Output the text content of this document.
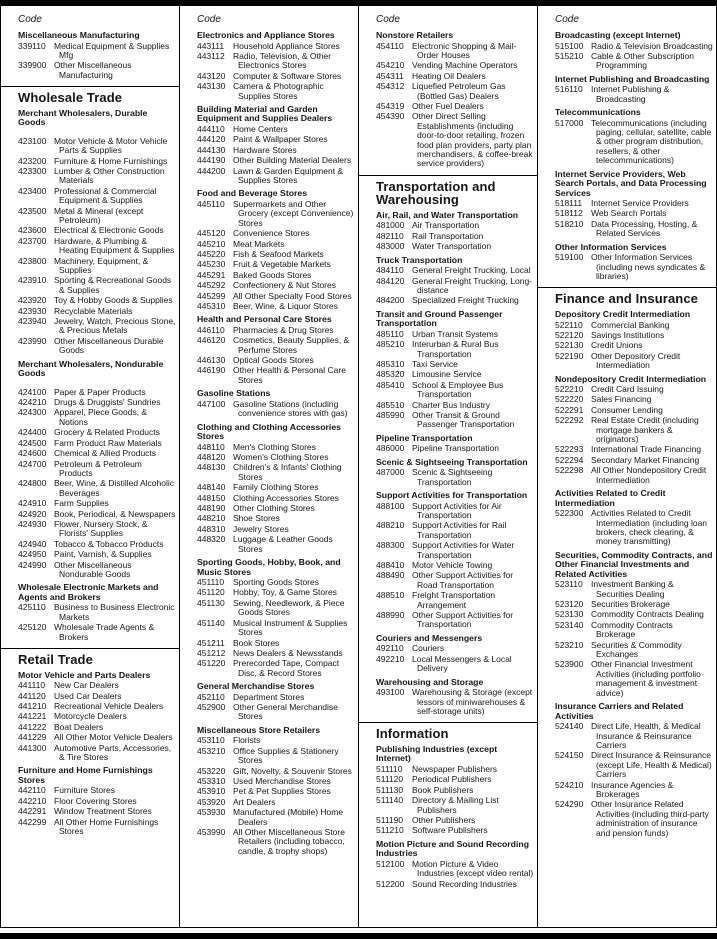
Code
Miscellaneous Manufacturing
339110 Medical Equipment & Supplies Mfg
339900 Other Miscellaneous Manufacturing
Wholesale Trade
Merchant Wholesalers, Durable Goods
423100 Motor Vehicle & Motor Vehicle Parts & Supplies
423200 Furniture & Home Furnishings
423300 Lumber & Other Construction Materials
423400 Professional & Commercial Equipment & Supplies
423500 Metal & Mineral (except Petroleum)
423600 Electrical & Electronic Goods
423700 Hardware, & Plumbing & Heating Equipment & Supplies
423800 Machinery, Equipment, & Supplies
423910 Sporting & Recreational Goods & Supplies
423920 Toy & Hobby Goods & Supplies
423930 Recyclable Materials
423940 Jewelry, Watch, Precious Stone, & Precious Metals
423990 Other Miscellaneous Durable Goods
Merchant Wholesalers, Nondurable Goods
424100 Paper & Paper Products
424210 Drugs & Druggists' Sundries
424300 Apparel, Piece Goods, & Notions
424400 Grocery & Related Products
424500 Farm Product Raw Materials
424600 Chemical & Allied Products
424700 Petroleum & Petroleum Products
424800 Beer, Wine, & Distilled Alcoholic Beverages
424910 Farm Supplies
424920 Book, Periodical, & Newspapers
424930 Flower, Nursery Stock, & Florists' Supplies
424940 Tobacco & Tobacco Products
424950 Paint, Varnish, & Supplies
424990 Other Miscellaneous Nondurable Goods
Wholesale Electronic Markets and Agents and Brokers
425110 Business to Business Electronic Markets
425120 Wholesale Trade Agents & Brokers
Retail Trade
Motor Vehicle and Parts Dealers
441110	New Car Dealers
441120 Used Car Dealers
441210 Recreational Vehicle Dealers
441221 Motorcycle Dealers
441222 Boat Dealers
441229 All Other Motor Vehicle Dealers
441300 Automotive Parts, Accessories, & Tire Stores
Furniture and Home Furnishings Stores
442110 Furniture Stores
442210 Floor Covering Stores
442291 Window Treatment Stores
442299 All Other Home Furnishings Stores
Code
Electronics and Appliance Stores
443111	Household Appliance Stores
443112 Radio, Television, & Other Electronics Stores
443120 Computer & Software Stores
443130 Camera & Photographic Supplies Stores
Building Material and Garden Equipment and Supplies Dealers
444110 Home Centers
444120 Paint & Wallpaper Stores
444130 Hardware Stores
444190 Other Building Material Dealers
444200 Lawn & Garden Equipment & Supplies Stores
Food and Beverage Stores
445110 Supermarkets and Other Grocery (except Convenience) Stores
445120 Convenience Stores
445210 Meat Markets
445220 Fish & Seafood Markets
445230 Fruit & Vegetable Markets
445291 Baked Goods Stores
445292 Confectionery & Nut Stores
445299 All Other Specialty Food Stores
445310 Beer, Wine, & Liquor Stores
Health and Personal Care Stores
446110 Pharmacies & Drug Stores
446120 Cosmetics, Beauty Supplies, & Perfume Stores
446130 Optical Goods Stores
446190 Other Health & Personal Care Stores
Gasoline Stations
447100 Gasoline Stations (including convenience stores with gas)
Clothing and Clothing Accessories Stores
448110 Men's Clothing Stores
448120 Women's Clothing Stores
448130 Children's & Infants' Clothing Stores
448140 Family Clothing Stores
448150 Clothing Accessories Stores
448190 Other Clothing Stores
448210 Shoe Stores
448310 Jewelry Stores
448320 Luggage & Leather Goods Stores
Sporting Goods, Hobby, Book, and Music Stores
451110	Sporting Goods Stores
451120 Hobby, Toy, & Game Stores
451130 Sewing, Needlework, & Piece Goods Stores
451140 Musical Instrument & Supplies Stores
451211 Book Stores
451212 News Dealers & Newsstands
451220 Prerecorded Tape, Compact Disc, & Record Stores
General Merchandise Stores
452110 Department Stores
452900 Other General Merchandise Stores
Miscellaneous Store Retailers
453110 Florists
453210 Office Supplies & Stationery Stores
453220 Gift, Novelty, & Souvenir Stores
453310 Used Merchandise Stores
453910 Pet & Pet Supplies Stores
453920 Art Dealers
453930 Manufactured (Mobile) Home Dealers
453990 All Other Miscellaneous Store Retailers (including tobacco, candle, & trophy shops)
Code
Nonstore Retailers
454110 Electronic Shopping & Mail-Order Houses
454210 Vending Machine Operators
454311 Heating Oil Dealers
454312 Liquefied Petroleum Gas (Bottled Gas) Dealers
454319 Other Fuel Dealers
454390 Other Direct Selling Establishments (including door-to-door retailing, frozen food plan providers, party plan merchandisers, & coffee-break service providers)
Transportation and Warehousing
Air, Rail, and Water Transportation
481000 Air Transportation
482110 Rail Transportation
483000 Water Transportation
Truck Transportation
484110 General Freight Trucking, Local
484120 General Freight Trucking, Long-distance
484200 Specialized Freight Trucking
Transit and Ground Passenger Transportation
485110 Urban Transit Systems
485210 Interurban & Rural Bus Transportation
485310 Taxi Service
485320 Limousine Service
485410 School & Employee Bus Transportation
485510 Charter Bus Industry
485990 Other Transit & Ground Passenger Transportation
Pipeline Transportation
486000 Pipeline Transportation
Scenic & Sightseeing Transportation
487000 Scenic & Sightseeing Transportation
Support Activities for Transportation
488100 Support Activities for Air Transportation
488210 Support Activities for Rail Transportation
488300 Support Activities for Water Transportation
488410 Motor Vehicle Towing
488490 Other Support Activities for Road Transportation
488510 Freight Transportation Arrangement
488990 Other Support Activities for Transportation
Couriers and Messengers
492110 Couriers
492210 Local Messengers & Local Delivery
Warehousing and Storage
493100 Warehousing & Storage (except lessors of miniwarehouses & self-storage units)
Information
Publishing Industries (except Internet)
511110	Newspaper Publishers
511120	Periodical Publishers
511130	Book Publishers
511140	Directory & Mailing List Publishers
511190	Other Publishers
511210 Software Publishers
Motion Picture and Sound Recording Industries
512100 Motion Picture & Video Industries (except video rental)
512200 Sound Recording Industries
Code
Broadcasting (except Internet)
515100 Radio & Television Broadcasting
515210 Cable & Other Subscription Programming
Internet Publishing and Broadcasting
516110 Internet Publishing & Broadcasting
Telecommunications
517000 Telecommunications (including paging, cellular, satellite, cable & other program distribution, resellers, & other telecommunications)
Internet Service Providers, Web Search Portals, and Data Processing Services
518111	Internet Service Providers
518112 Web Search Portals
518210 Data Processing, Hosting, & Related Services
Other Information Services
519100 Other Information Services (including news syndicates & libraries)
Finance and Insurance
Depository Credit Intermediation
522110 Commercial Banking
522120 Savings Institutions
522130 Credit Unions
522190 Other Depository Credit Intermediation
Nondepository Credit Intermediation
522210 Credit Card Issuing
522220 Sales Financing
522291 Consumer Lending
522292 Real Estate Credit (including mortgage bankers & originators)
522293 International Trade Financing
522294 Secondary Market Financing
522298 All Other Nondepository Credit Intermediation
Activities Related to Credit Intermediation
522300 Activities Related to Credit Intermediation (including loan brokers, check clearing, & money transmitting)
Securities, Commodity Contracts, and Other Financial Investments and Related Activities
523110 Investment Banking & Securities Dealing
523120 Securities Brokerage
523130 Commodity Contracts Dealing
523140 Commodity Contracts Brokerage
523210 Securities & Commodity Exchanges
523900 Other Financial Investment Activities (including portfolio management & investment advice)
Insurance Carriers and Related Activities
524140 Direct Life, Health, & Medical Insurance & Reinsurance Carriers
524150 Direct Insurance & Reinsurance (except Life, Health & Medical) Carriers
524210 Insurance Agencies & Brokerages
524290 Other Insurance Related Activities (including third-party administration of insurance and pension funds)
